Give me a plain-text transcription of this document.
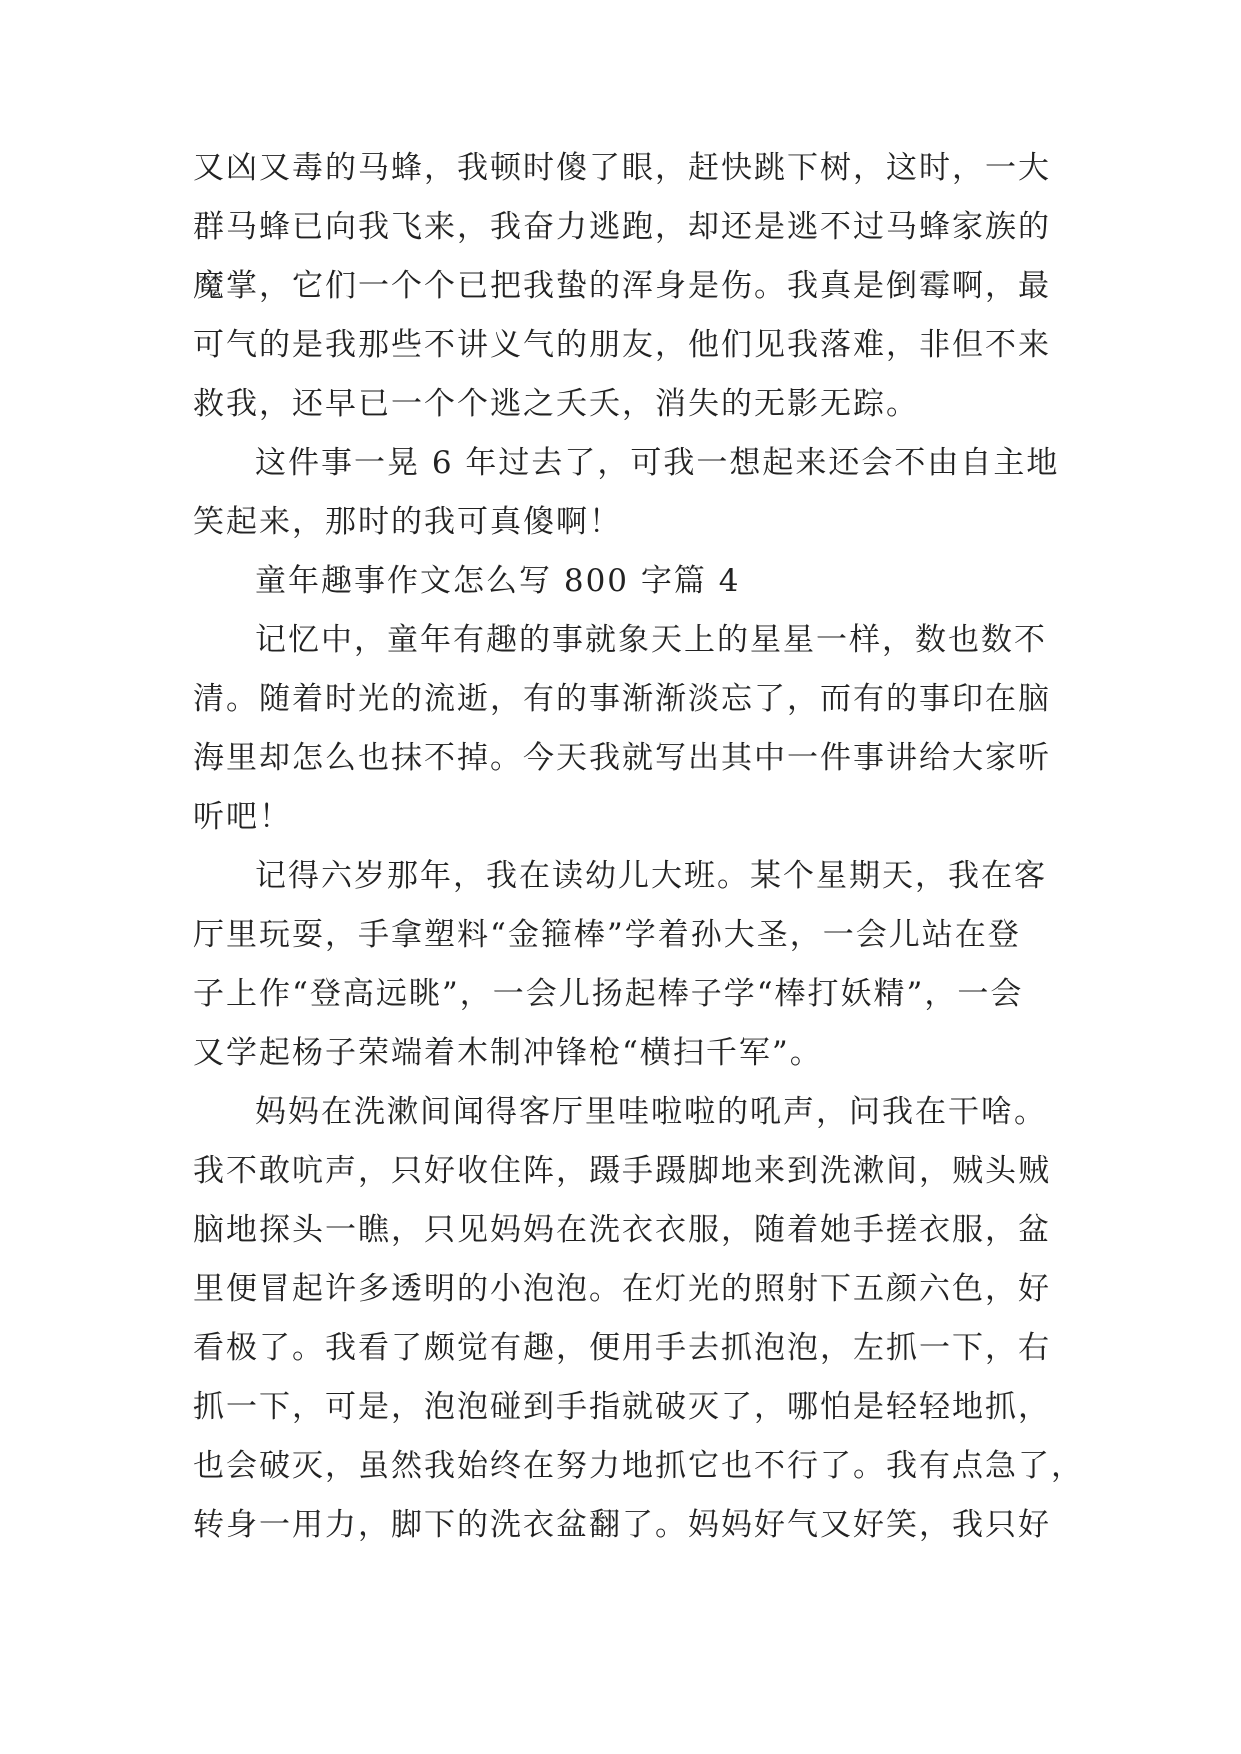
又凶又毒的马蜂，我顿时傻了眼，赶快跳下树，这时，一大
群马蜂已向我飞来，我奋力逃跑，却还是逃不过马蜂家族的
魔掌，它们一个个已把我蛰的浑身是伤。我真是倒霉啊，最
可气的是我那些不讲义气的朋友，他们见我落难，非但不来
救我，还早已一个个逃之夭夭，消失的无影无踪。
这件事一晃 6 年过去了，可我一想起来还会不由自主地
笑起来，那时的我可真傻啊！
童年趣事作文怎么写 800 字篇 4
记忆中，童年有趣的事就象天上的星星一样，数也数不
清。随着时光的流逝，有的事渐渐淡忘了，而有的事印在脑
海里却怎么也抹不掉。今天我就写出其中一件事讲给大家听
听吧！
记得六岁那年，我在读幼儿大班。某个星期天，我在客
厅里玩耍，手拿塑料“金箍棒”学着孙大圣，一会儿站在登
子上作“登高远眺”，一会儿扬起棒子学“棒打妖精”，一会
又学起杨子荣端着木制冲锋枪“横扫千军”。
妈妈在洗漱间闻得客厅里哇啦啦的吼声，问我在干啥。
我不敢吭声，只好收住阵，蹑手蹑脚地来到洗漱间，贼头贼
脑地探头一瞧，只见妈妈在洗衣衣服，随着她手搓衣服，盆
里便冒起许多透明的小泡泡。在灯光的照射下五颜六色，好
看极了。我看了颇觉有趣，便用手去抓泡泡，左抓一下，右
抓一下，可是，泡泡碰到手指就破灭了，哪怕是轻轻地抓，
也会破灭，虽然我始终在努力地抓它也不行了。我有点急了，
转身一用力，脚下的洗衣盆翻了。妈妈好气又好笑，我只好
